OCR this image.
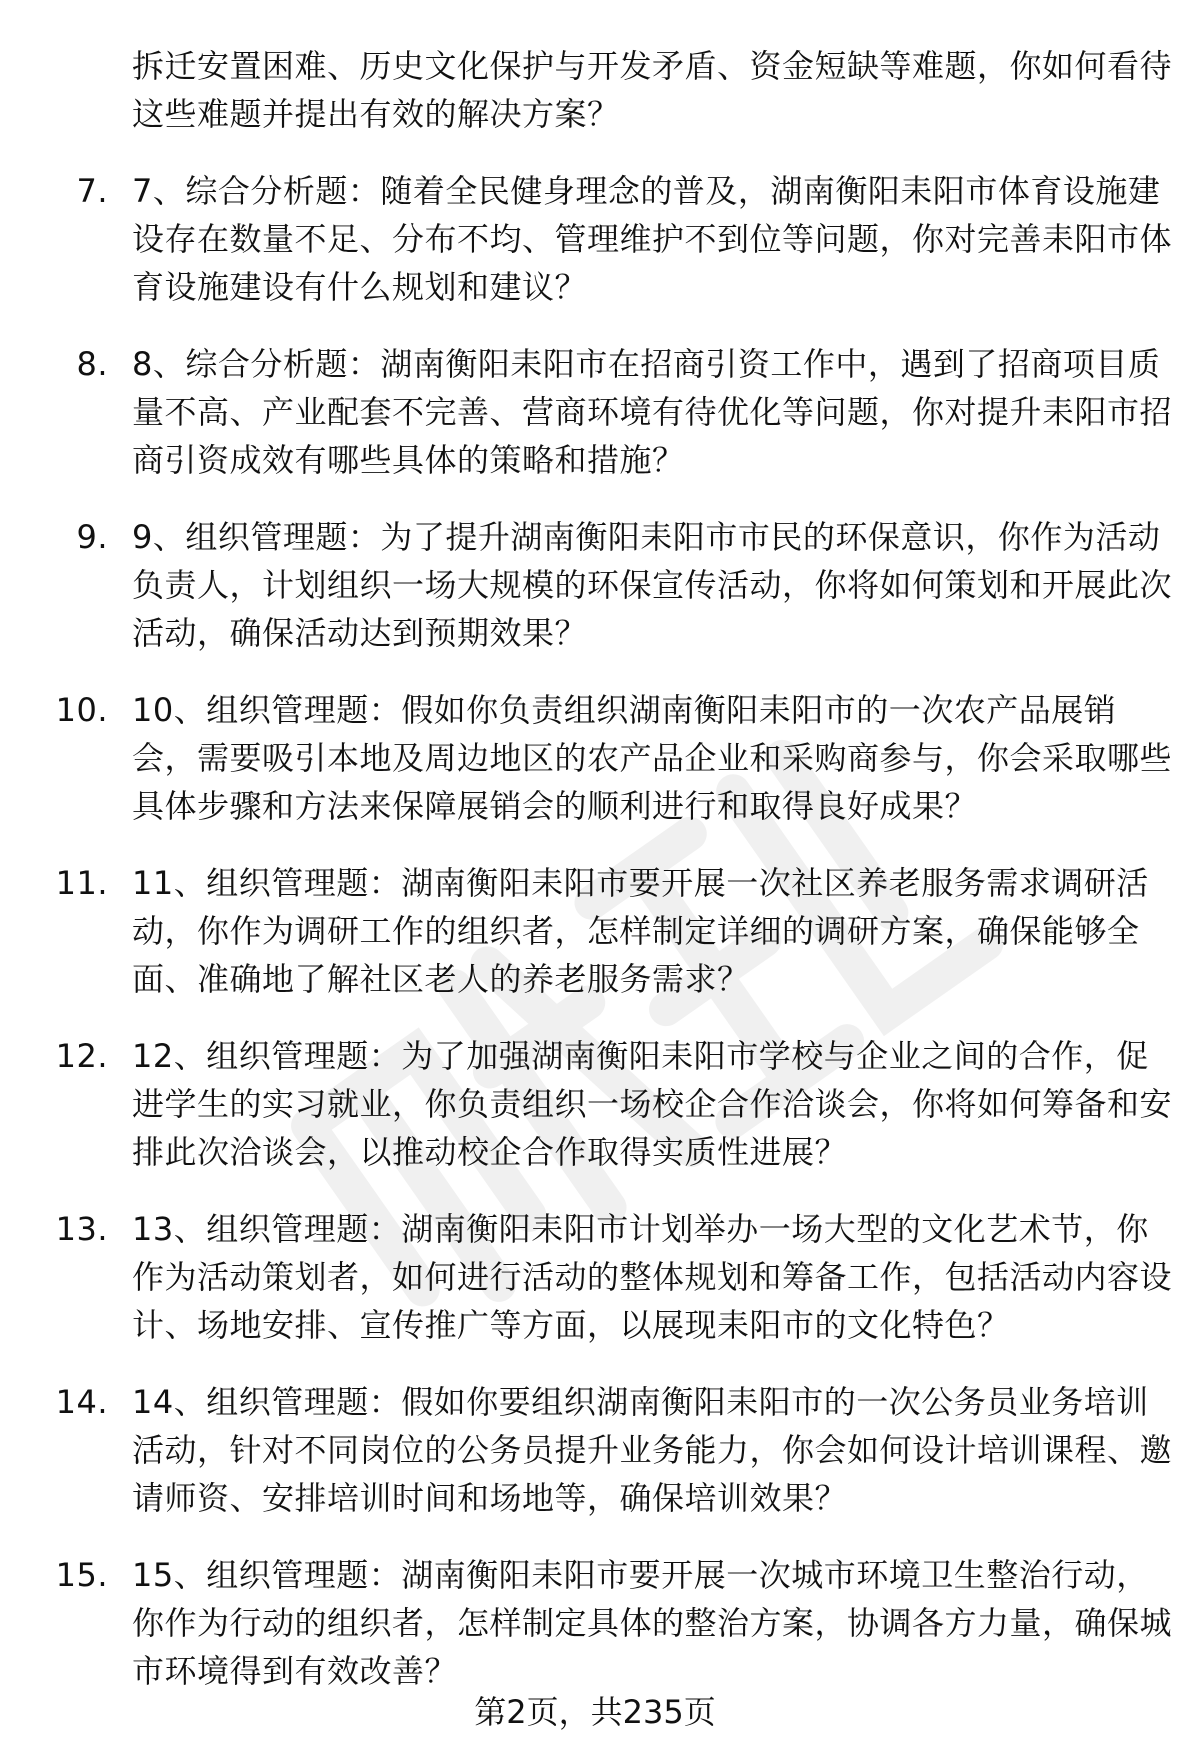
拆迁安置困难、历史文化保护与开发矛盾、资金短缺等难题，你如何看待这些难题并提出有效的解决方案？
7. 7、综合分析题：随着全民健身理念的普及，湖南衡阳耒阳市体育设施建设存在数量不足、分布不均、管理维护不到位等问题，你对完善耒阳市体育设施建设有什么规划和建议？
8. 8、综合分析题：湖南衡阳耒阳市在招商引资工作中，遇到了招商项目质量不高、产业配套不完善、营商环境有待优化等问题，你对提升耒阳市招商引资成效有哪些具体的策略和措施？
9. 9、组织管理题：为了提升湖南衡阳耒阳市市民的环保意识，你作为活动负责人，计划组织一场大规模的环保宣传活动，你将如何策划和开展此次活动，确保活动达到预期效果？
10. 10、组织管理题：假如你负责组织湖南衡阳耒阳市的一次农产品展销会，需要吸引本地及周边地区的农产品企业和采购商参与，你会采取哪些具体步骤和方法来保障展销会的顺利进行和取得良好成果？
11. 11、组织管理题：湖南衡阳耒阳市要开展一次社区养老服务需求调研活动，你作为调研工作的组织者，怎样制定详细的调研方案，确保能够全面、准确地了解社区老人的养老服务需求？
12. 12、组织管理题：为了加强湖南衡阳耒阳市学校与企业之间的合作，促进学生的实习就业，你负责组织一场校企合作洽谈会，你将如何筹备和安排此次洽谈会，以推动校企合作取得实质性进展？
13. 13、组织管理题：湖南衡阳耒阳市计划举办一场大型的文化艺术节，你作为活动策划者，如何进行活动的整体规划和筹备工作，包括活动内容设计、场地安排、宣传推广等方面，以展现耒阳市的文化特色？
14. 14、组织管理题：假如你要组织湖南衡阳耒阳市的一次公务员业务培训活动，针对不同岗位的公务员提升业务能力，你会如何设计培训课程、邀请师资、安排培训时间和场地等，确保培训效果？
15. 15、组织管理题：湖南衡阳耒阳市要开展一次城市环境卫生整治行动，你作为行动的组织者，怎样制定具体的整治方案，协调各方力量，确保城市环境得到有效改善？
第2页，共235页
